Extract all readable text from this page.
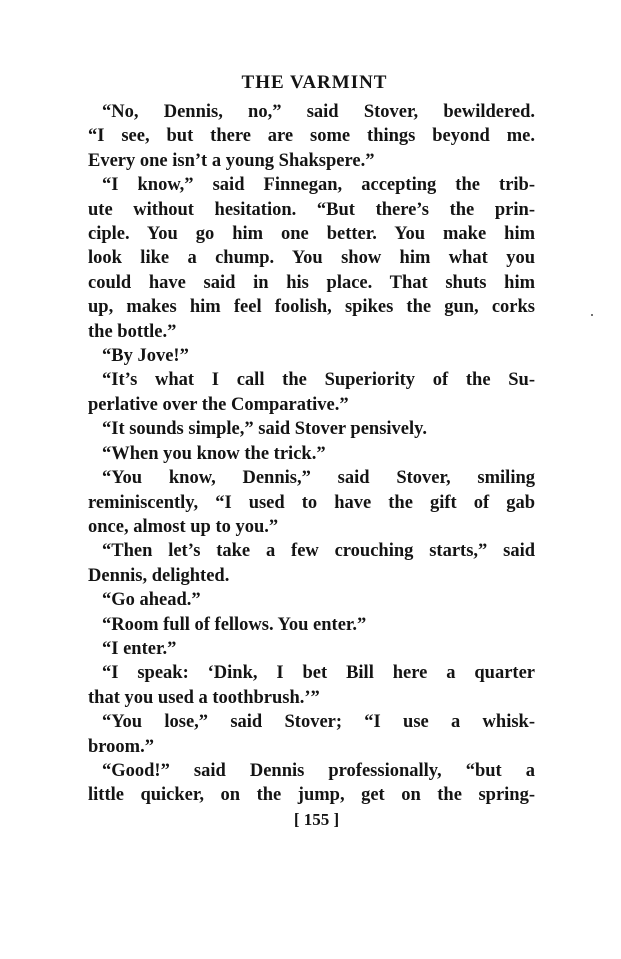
THE VARMINT
“No, Dennis, no,” said Stover, bewildered.
“I see, but there are some things beyond me.
Every one isn’t a young Shakspere.”
“I know,” said Finnegan, accepting the trib-
ute without hesitation. “But there’s the prin-
ciple. You go him one better. You make him
look like a chump. You show him what you
could have said in his place. That shuts him
up, makes him feel foolish, spikes the gun, corks
the bottle.”
“By Jove!”
“It’s what I call the Superiority of the Su-
perlative over the Comparative.”
“It sounds simple,” said Stover pensively.
“When you know the trick.”
“You know, Dennis,” said Stover, smiling
reminiscently, “I used to have the gift of gab
once, almost up to you.”
“Then let’s take a few crouching starts,” said
Dennis, delighted.
“Go ahead.”
“Room full of fellows. You enter.”
“I enter.”
“I speak: ‘Dink, I bet Bill here a quarter
that you used a toothbrush.’”
“You lose,” said Stover; “I use a whisk-
broom.”
“Good!” said Dennis professionally, “but a
little quicker, on the jump, get on the spring-
[ 155 ]
